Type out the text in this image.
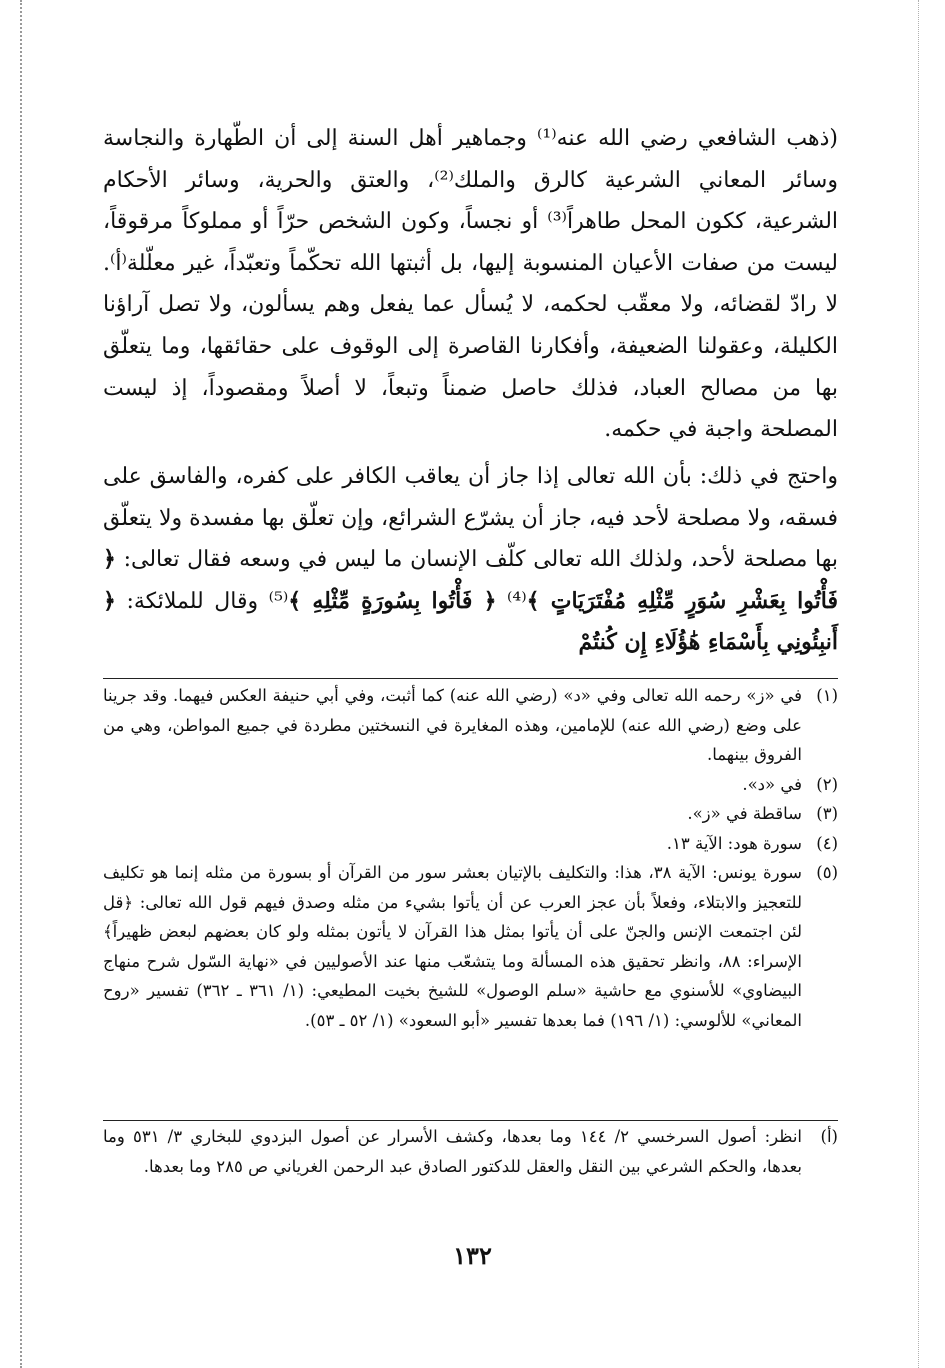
(ذهب الشافعي رضي الله عنه⁽¹⁾ وجماهير أهل السنة إلى أن الطّهارة والنجاسة وسائر المعاني الشرعية كالرق والملك⁽²⁾، والعتق والحرية، وسائر الأحكام الشرعية، ككون المحل طاهراً⁽³⁾ أو نجساً، وكون الشخص حرّاً أو مملوكاً مرقوقاً، ليست من صفات الأعيان المنسوبة إليها، بل أثبتها الله تحكّماً وتعبّداً، غير معلّلة⁽أ⁾. لا رادّ لقضائه، ولا معقّب لحكمه، لا يُسأل عما يفعل وهم يسألون، ولا تصل آراؤنا الكليلة، وعقولنا الضعيفة، وأفكارنا القاصرة إلى الوقوف على حقائقها، وما يتعلّق بها من مصالح العباد، فذلك حاصل ضمناً وتبعاً، لا أصلاً ومقصوداً، إذ ليست المصلحة واجبة في حكمه.

واحتج في ذلك: بأن الله تعالى إذا جاز أن يعاقب الكافر على كفره، والفاسق على فسقه، ولا مصلحة لأحد فيه، جاز أن يشرّع الشرائع، وإن تعلّق بها مفسدة ولا يتعلّق بها مصلحة لأحد، ولذلك الله تعالى كلّف الإنسان ما ليس في وسعه فقال تعالى: ﴿ فَأْتُوا بِعَشْرِ سُوَرٍ مِّثْلِهِ مُفْتَرَيَاتٍ ﴾⁽⁴⁾ ﴿ فَأْتُوا بِسُورَةٍ مِّثْلِهِ ﴾⁽⁵⁾ وقال للملائكة: ﴿ أَنبِئُونِي بِأَسْمَاءِ هَٰؤُلَاءِ إِن كُنتُمْ

(١)
في «ز» رحمه الله تعالى وفي «د» (رضي الله عنه) كما أثبت، وفي أبي حنيفة العكس فيهما. وقد جرينا على وضع (رضي الله عنه) للإمامين، وهذه المغايرة في النسختين مطردة في جميع المواطن، وهي من الفروق بينهما.

(٢)
في «د».

(٣)
ساقطة في «ز».

(٤)
سورة هود: الآية ١٣.

(٥)
سورة يونس: الآية ٣٨، هذا: والتكليف بالإتيان بعشر سور من القرآن أو بسورة من مثله إنما هو تكليف للتعجيز والابتلاء، وفعلاً بأن عجز العرب عن أن يأتوا بشيء من مثله وصدق فيهم قول الله تعالى: ﴿قل لئن اجتمعت الإنس والجنّ على أن يأتوا بمثل هذا القرآن لا يأتون بمثله ولو كان بعضهم لبعض ظهيراً﴾ الإسراء: ٨٨، وانظر تحقيق هذه المسألة وما يتشعّب منها عند الأصوليين في «نهاية السّول شرح منهاج البيضاوي» للأسنوي مع حاشية «سلم الوصول» للشيخ بخيت المطيعي: (١/ ٣٦١ ـ ٣٦٢) تفسير «روح المعاني» للألوسي: (١/ ١٩٦) فما بعدها تفسير «أبو السعود» (١/ ٥٢ ـ ٥٣).

(أ)
انظر: أصول السرخسي ٢/ ١٤٤ وما بعدها، وكشف الأسرار عن أصول البزدوي للبخاري ٣/ ٥٣١ وما بعدها، والحكم الشرعي بين النقل والعقل للدكتور الصادق عبد الرحمن الغرياني ص ٢٨٥ وما بعدها.

١٣٢
